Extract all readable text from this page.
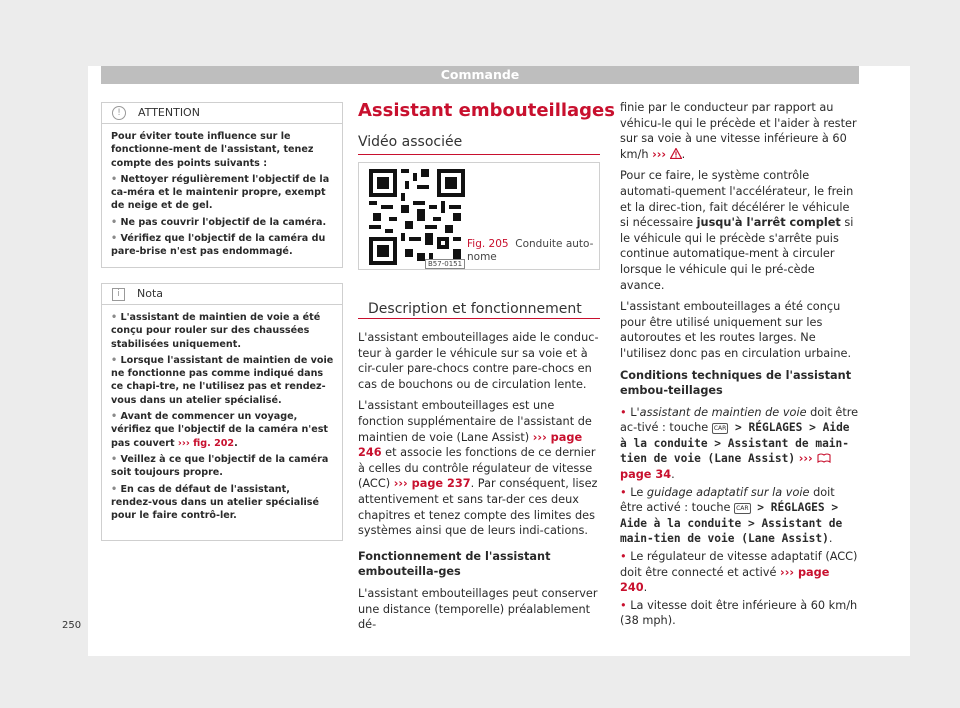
Commande
! ATTENTION

Pour éviter toute influence sur le fonctionne-ment de l'assistant, tenez compte des points suivants :

• Nettoyer régulièrement l'objectif de la ca-méra et le maintenir propre, exempt de neige et de gel.

• Ne pas couvrir l'objectif de la caméra.

• Vérifiez que l'objectif de la caméra du pare-brise n'est pas endommagé.

i Nota

• L'assistant de maintien de voie a été conçu pour rouler sur des chaussées stabilisées uniquement.

• Lorsque l'assistant de maintien de voie ne fonctionne pas comme indiqué dans ce chapi-tre, ne l'utilisez pas et rendez-vous dans un atelier spécialisé.

• Avant de commencer un voyage, vérifiez que l'objectif de la caméra n'est pas couvert ››› fig. 202.

• Veillez à ce que l'objectif de la caméra soit toujours propre.

• En cas de défaut de l'assistant, rendez-vous dans un atelier spécialisé pour le faire contrô-ler.

Assistant embouteillages
Vidéo associée
B57-0151
Fig. 205 Conduite auto-nome
Description et fonctionnement

L'assistant embouteillages aide le conduc-teur à garder le véhicule sur sa voie et à cir-culer pare-chocs contre pare-chocs en cas de bouchons ou de circulation lente.

L'assistant embouteillages est une fonction supplémentaire de l'assistant de maintien de voie (Lane Assist) ››› page 246 et associe les fonctions de ce dernier à celles du contrôle régulateur de vitesse (ACC) ››› page 237. Par conséquent, lisez attentivement et sans tar-der ces deux chapitres et tenez compte des limites des systèmes ainsi que de leurs indi-cations.

Fonctionnement de l'assistant embouteilla-ges

L'assistant embouteillages peut conserver une distance (temporelle) préalablement dé-

finie par le conducteur par rapport au véhicu-le qui le précède et l'aider à rester sur sa voie à une vitesse inférieure à 60 km/h ››› .

Pour ce faire, le système contrôle automati-quement l'accélérateur, le frein et la direc-tion, fait décélérer le véhicule si nécessaire jusqu'à l'arrêt complet si le véhicule qui le précède s'arrête puis continue automatique-ment à circuler lorsque le véhicule qui le pré-cède avance.

L'assistant embouteillages a été conçu pour être utilisé uniquement sur les autoroutes et les routes larges. Ne l'utilisez donc pas en circulation urbaine.

Conditions techniques de l'assistant embou-teillages

• L'assistant de maintien de voie doit être ac-tivé : touche CAR > RÉGLAGES > Aide à la conduite > Assistant de main-tien de voie (Lane Assist) ›››  page 34.

• Le guidage adaptatif sur la voie doit être activé : touche CAR > RÉGLAGES > Aide à la conduite > Assistant de main-tien de voie (Lane Assist).

• Le régulateur de vitesse adaptatif (ACC) doit être connecté et activé ››› page 240.

• La vitesse doit être inférieure à 60 km/h (38 mph).

250
